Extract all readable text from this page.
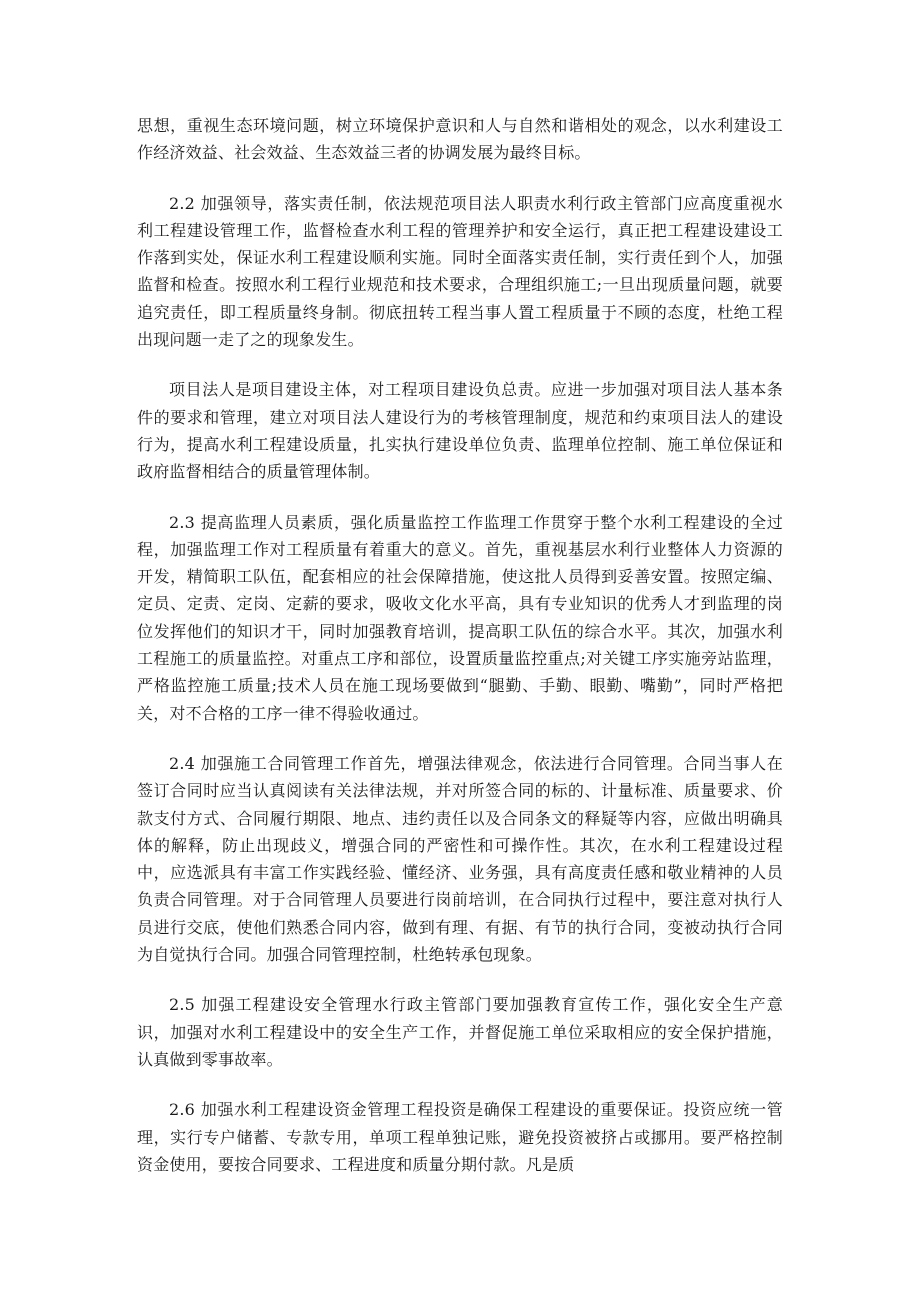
思想，重视生态环境问题，树立环境保护意识和人与自然和谐相处的观念，以水利建设工作经济效益、社会效益、生态效益三者的协调发展为最终目标。

2.2 加强领导，落实责任制，依法规范项目法人职责水利行政主管部门应高度重视水利工程建设管理工作，监督检查水利工程的管理养护和安全运行，真正把工程建设建设工作落到实处，保证水利工程建设顺利实施。同时全面落实责任制，实行责任到个人，加强监督和检查。按照水利工程行业规范和技术要求，合理组织施工;一旦出现质量问题，就要追究责任，即工程质量终身制。彻底扭转工程当事人置工程质量于不顾的态度，杜绝工程出现问题一走了之的现象发生。

项目法人是项目建设主体，对工程项目建设负总责。应进一步加强对项目法人基本条件的要求和管理，建立对项目法人建设行为的考核管理制度，规范和约束项目法人的建设行为，提高水利工程建设质量，扎实执行建设单位负责、监理单位控制、施工单位保证和政府监督相结合的质量管理体制。

2.3 提高监理人员素质，强化质量监控工作监理工作贯穿于整个水利工程建设的全过程，加强监理工作对工程质量有着重大的意义。首先，重视基层水利行业整体人力资源的开发，精简职工队伍，配套相应的社会保障措施，使这批人员得到妥善安置。按照定编、定员、定责、定岗、定薪的要求，吸收文化水平高，具有专业知识的优秀人才到监理的岗位发挥他们的知识才干，同时加强教育培训，提高职工队伍的综合水平。其次，加强水利工程施工的质量监控。对重点工序和部位，设置质量监控重点;对关键工序实施旁站监理，严格监控施工质量;技术人员在施工现场要做到“腿勤、手勤、眼勤、嘴勤”，同时严格把关，对不合格的工序一律不得验收通过。

2.4 加强施工合同管理工作首先，增强法律观念，依法进行合同管理。合同当事人在签订合同时应当认真阅读有关法律法规，并对所签合同的标的、计量标准、质量要求、价款支付方式、合同履行期限、地点、违约责任以及合同条文的释疑等内容，应做出明确具体的解释，防止出现歧义，增强合同的严密性和可操作性。其次，在水利工程建设过程中，应选派具有丰富工作实践经验、懂经济、业务强，具有高度责任感和敬业精神的人员负责合同管理。对于合同管理人员要进行岗前培训，在合同执行过程中，要注意对执行人员进行交底，使他们熟悉合同内容，做到有理、有据、有节的执行合同，变被动执行合同为自觉执行合同。加强合同管理控制，杜绝转承包现象。

2.5 加强工程建设安全管理水行政主管部门要加强教育宣传工作，强化安全生产意识，加强对水利工程建设中的安全生产工作，并督促施工单位采取相应的安全保护措施，认真做到零事故率。

2.6 加强水利工程建设资金管理工程投资是确保工程建设的重要保证。投资应统一管理，实行专户储蓄、专款专用，单项工程单独记账，避免投资被挤占或挪用。要严格控制资金使用，要按合同要求、工程进度和质量分期付款。凡是质
